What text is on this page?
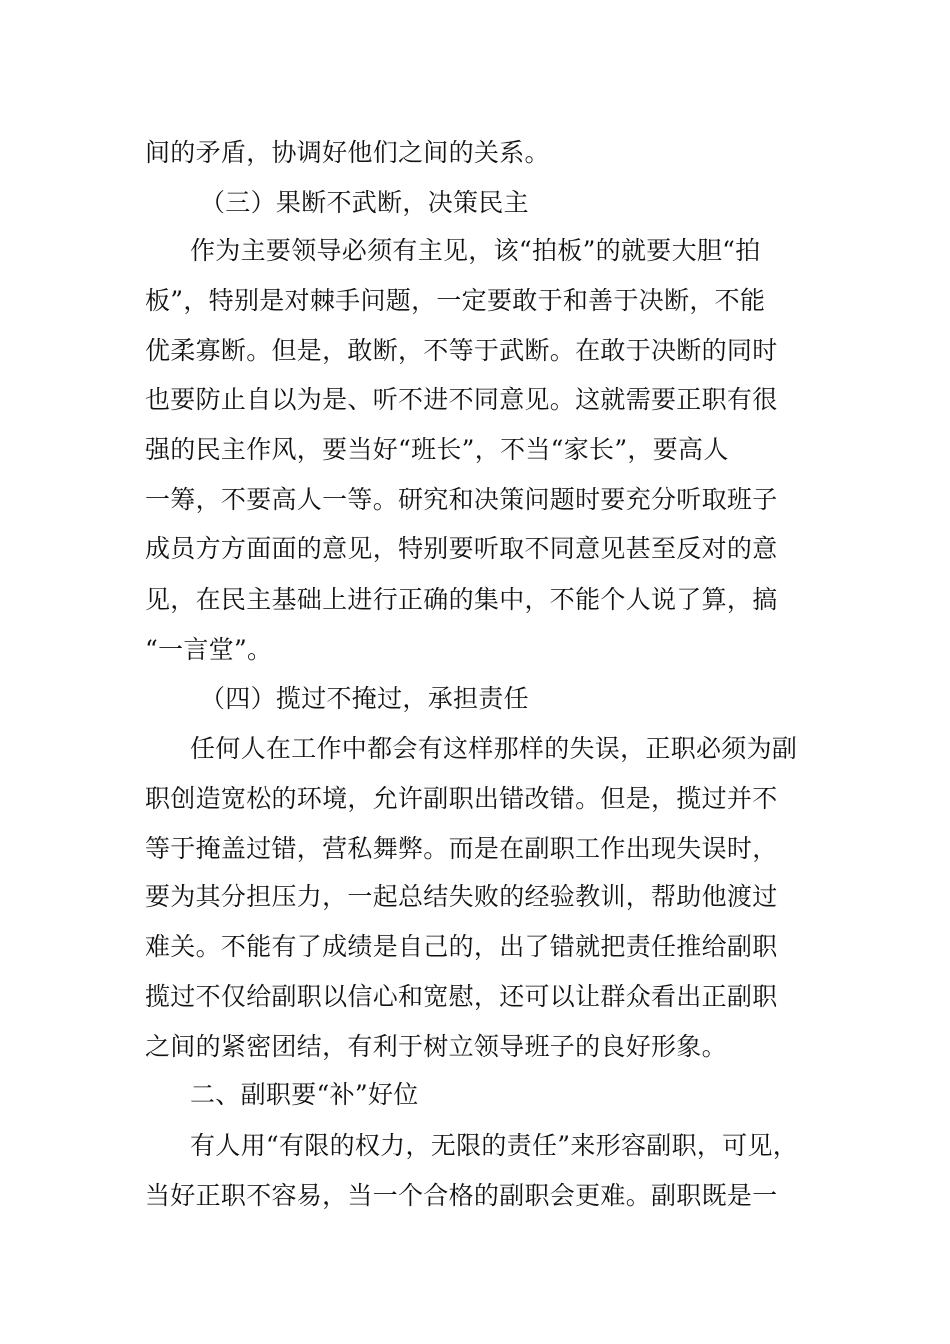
间的矛盾，协调好他们之间的关系。
（三）果断不武断，决策民主
作为主要领导必须有主见，该“拍板”的就要大胆“拍
板”，特别是对棘手问题，一定要敢于和善于决断，不能
优柔寡断。但是，敢断，不等于武断。在敢于决断的同时
也要防止自以为是、听不进不同意见。这就需要正职有很
强的民主作风，要当好“班长”，不当“家长”，要高人
一筹，不要高人一等。研究和决策问题时要充分听取班子
成员方方面面的意见，特别要听取不同意见甚至反对的意
见，在民主基础上进行正确的集中，不能个人说了算，搞
“一言堂”。
（四）揽过不掩过，承担责任
任何人在工作中都会有这样那样的失误，正职必须为副
职创造宽松的环境，允许副职出错改错。但是，揽过并不
等于掩盖过错，营私舞弊。而是在副职工作出现失误时，
要为其分担压力，一起总结失败的经验教训，帮助他渡过
难关。不能有了成绩是自己的，出了错就把责任推给副职
揽过不仅给副职以信心和宽慰，还可以让群众看出正副职
之间的紧密团结，有利于树立领导班子的良好形象。
二、副职要“补”好位
有人用“有限的权力，无限的责任”来形容副职，可见，
当好正职不容易，当一个合格的副职会更难。副职既是一
